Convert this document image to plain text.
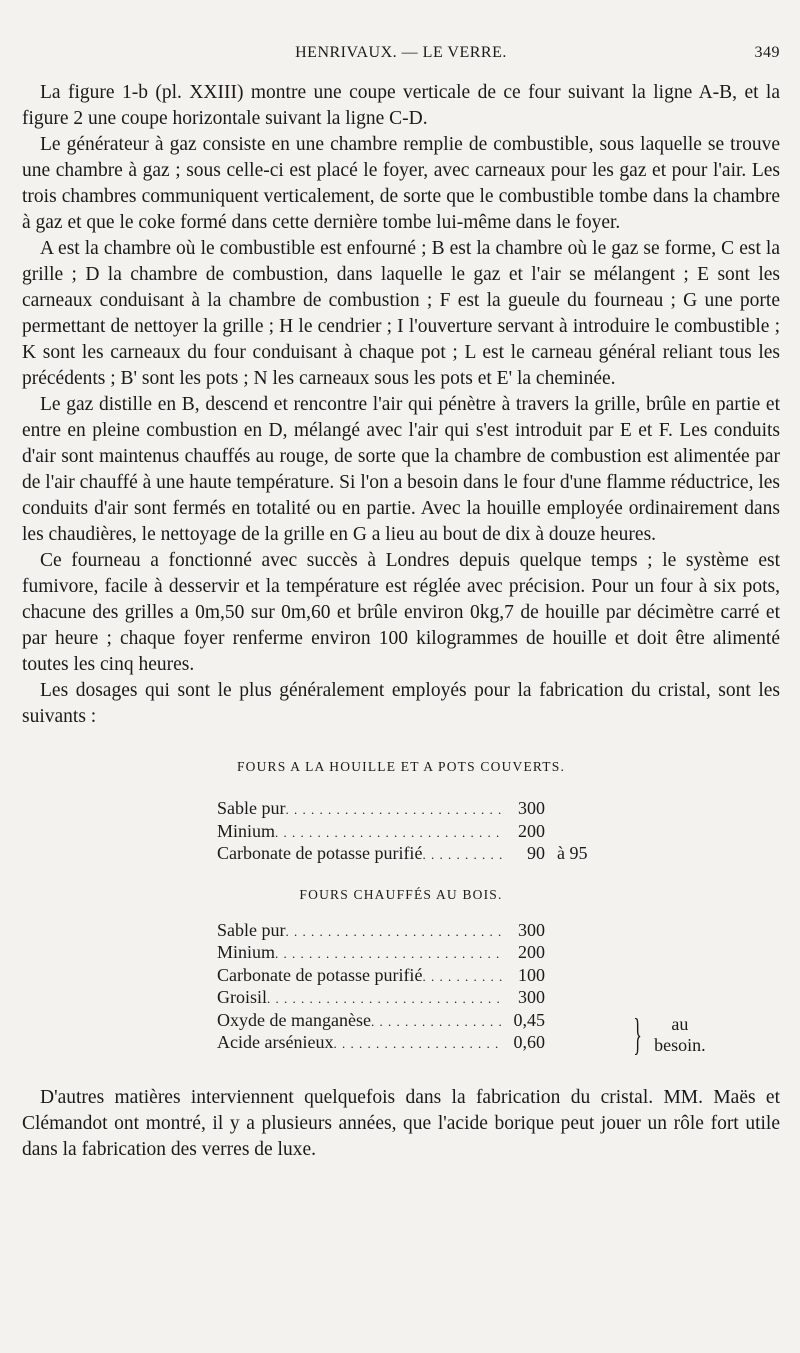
HENRIVAUX. — LE VERRE.	349

La figure 1-b (pl. XXIII) montre une coupe verticale de ce four suivant la ligne A-B, et la figure 2 une coupe horizontale suivant la ligne C-D.

Le générateur à gaz consiste en une chambre remplie de combustible, sous laquelle se trouve une chambre à gaz ; sous celle-ci est placé le foyer, avec carneaux pour les gaz et pour l'air. Les trois chambres communiquent verticalement, de sorte que le combustible tombe dans la chambre à gaz et que le coke formé dans cette dernière tombe lui-même dans le foyer.

A est la chambre où le combustible est enfourné ; B est la chambre où le gaz se forme, C est la grille ; D la chambre de combustion, dans laquelle le gaz et l'air se mélangent ; E sont les carneaux conduisant à la chambre de combustion ; F est la gueule du fourneau ; G une porte permettant de nettoyer la grille ; H le cendrier ; I l'ouverture servant à introduire le combustible ; K sont les carneaux du four conduisant à chaque pot ; L est le carneau général reliant tous les précédents ; B' sont les pots ; N les carneaux sous les pots et E' la cheminée.

Le gaz distille en B, descend et rencontre l'air qui pénètre à travers la grille, brûle en partie et entre en pleine combustion en D, mélangé avec l'air qui s'est introduit par E et F. Les conduits d'air sont maintenus chauffés au rouge, de sorte que la chambre de combustion est alimentée par de l'air chauffé à une haute température. Si l'on a besoin dans le four d'une flamme réductrice, les conduits d'air sont fermés en totalité ou en partie. Avec la houille employée ordinairement dans les chaudières, le nettoyage de la grille en G a lieu au bout de dix à douze heures.

Ce fourneau a fonctionné avec succès à Londres depuis quelque temps ; le système est fumivore, facile à desservir et la température est réglée avec précision. Pour un four à six pots, chacune des grilles a 0m,50 sur 0m,60 et brûle environ 0kg,7 de houille par décimètre carré et par heure ; chaque foyer renferme environ 100 kilogrammes de houille et doit être alimenté toutes les cinq heures.

Les dosages qui sont le plus généralement employés pour la fabrication du cristal, sont les suivants :

FOURS A LA HOUILLE ET A POTS COUVERTS.
Sable pur . . .	300
Minium . . .	200
Carbonate de potasse purifié . . .	90 à 95
FOURS CHAUFFÉS AU BOIS.
Sable pur . . .	300
Minium . . .	200
Carbonate de potasse purifié . . .	100
Groisil . . .	300
Oxyde de manganèse . . .	0,45
Acide arsénieux . . .	0,60 }	au
besoin.

D'autres matières interviennent quelquefois dans la fabrication du cristal. MM. Maës et Clémandot ont montré, il y a plusieurs années, que l'acide borique peut jouer un rôle fort utile dans la fabrication des verres de luxe.
